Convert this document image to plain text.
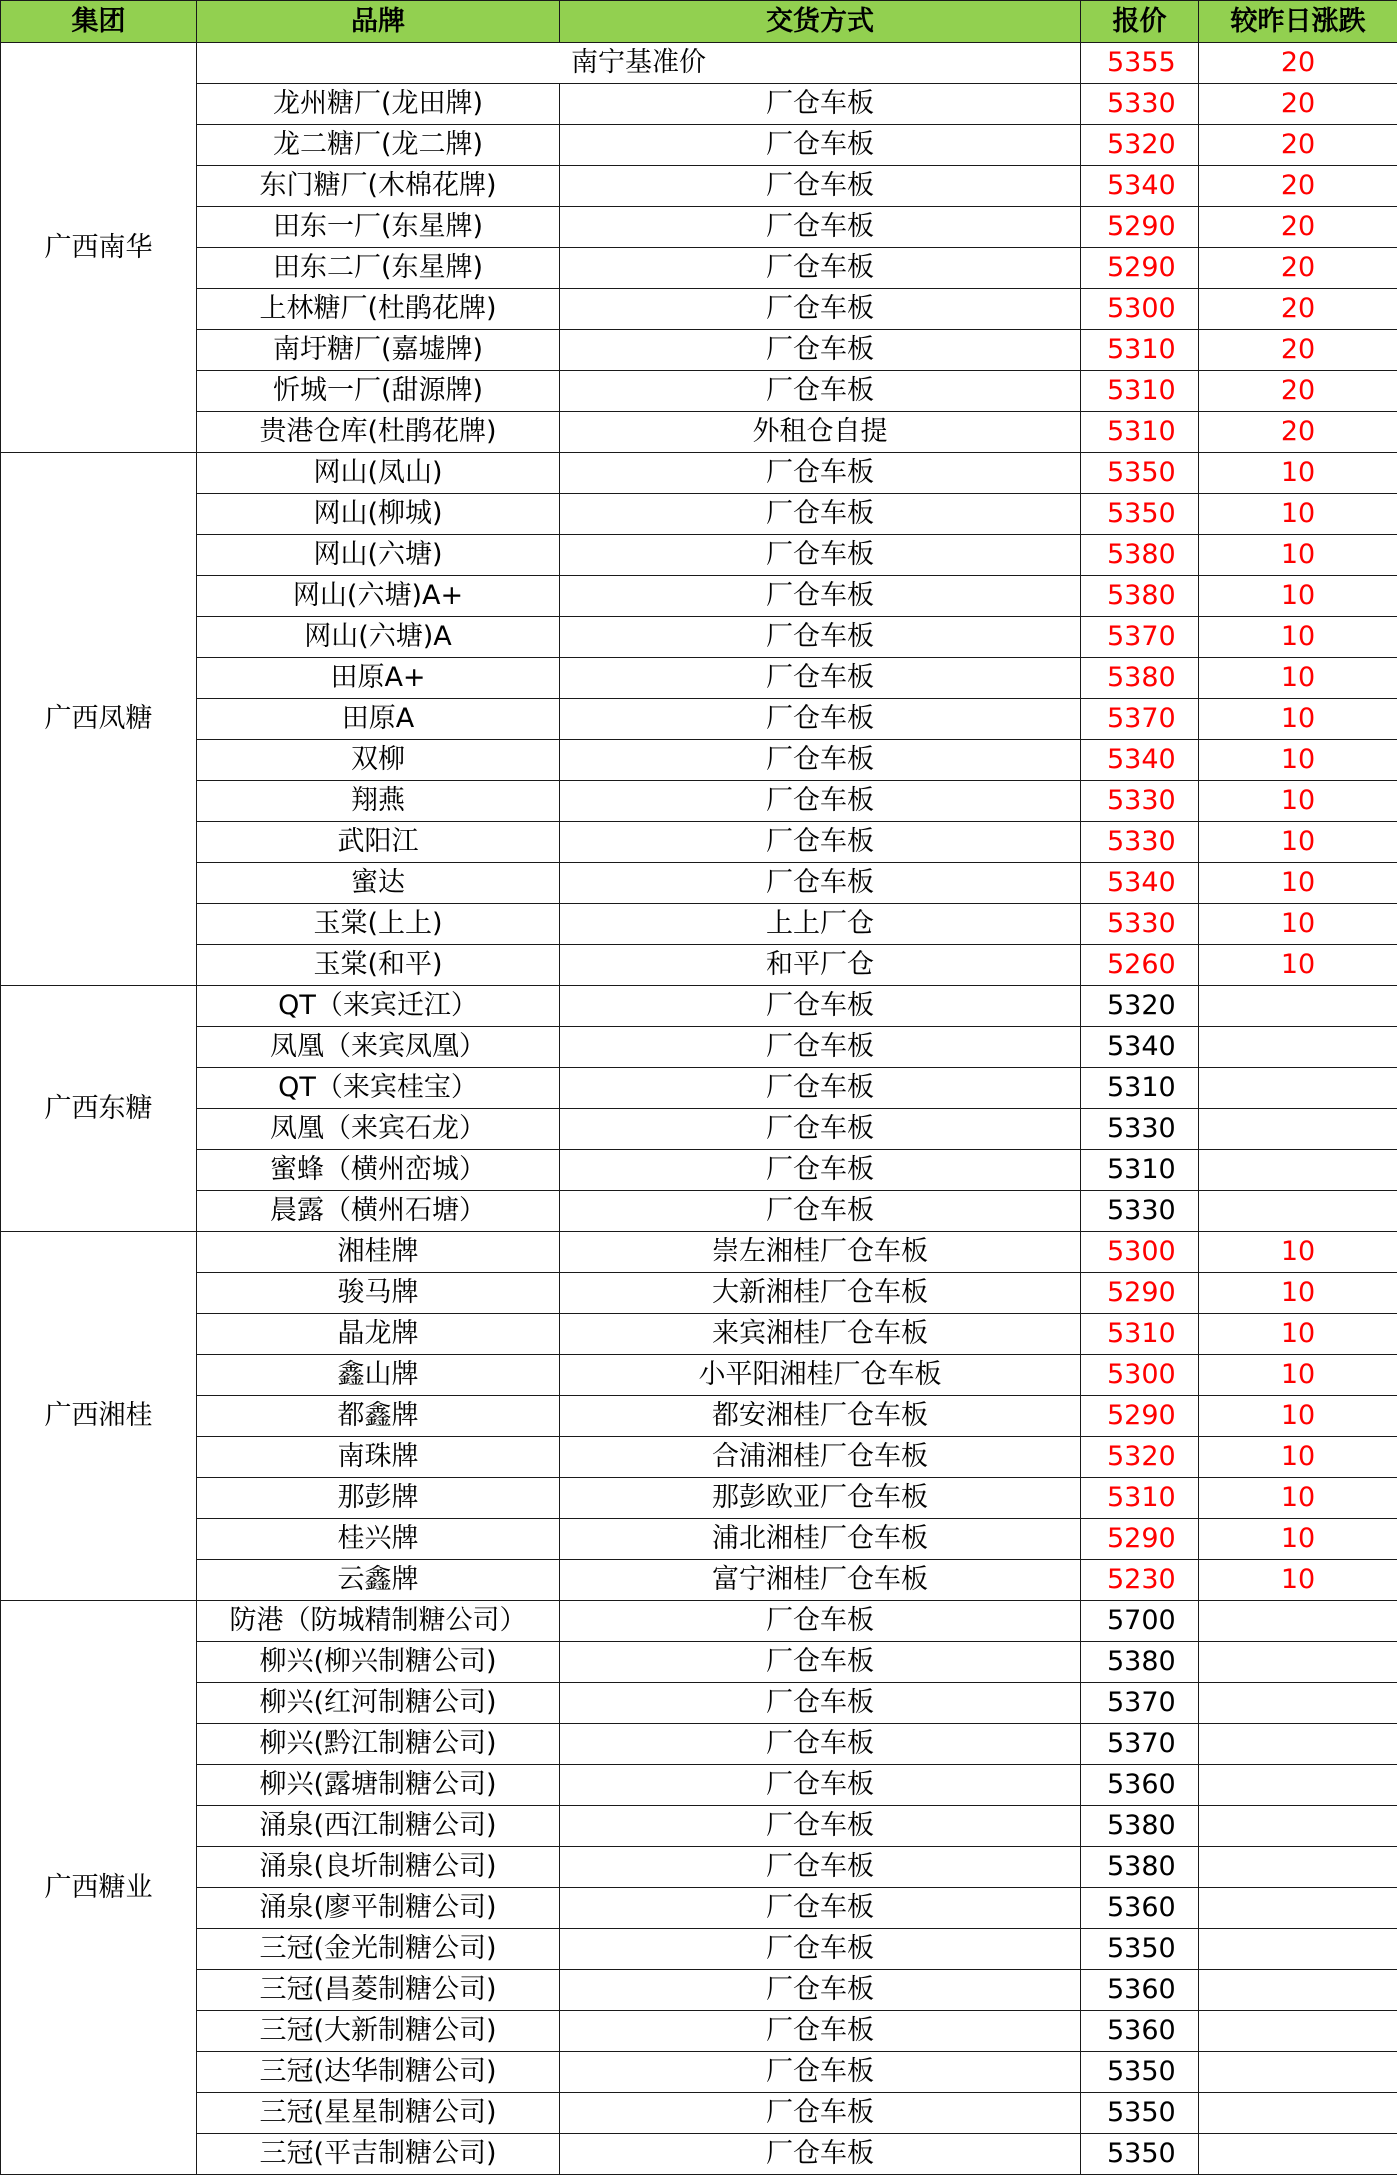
集团	品牌	交货方式	报价	较昨日涨跌
广西南华	南宁基准价		5355	20
	龙州糖厂(龙田牌)	厂仓车板	5330	20
	龙二糖厂(龙二牌)	厂仓车板	5320	20
	东门糖厂(木棉花牌)	厂仓车板	5340	20
	田东一厂(东星牌)	厂仓车板	5290	20
	田东二厂(东星牌)	厂仓车板	5290	20
	上林糖厂(杜鹃花牌)	厂仓车板	5300	20
	南圩糖厂(嘉墟牌)	厂仓车板	5310	20
	忻城一厂(甜源牌)	厂仓车板	5310	20
	贵港仓库(杜鹃花牌)	外租仓自提	5310	20
广西凤糖	网山(凤山)	厂仓车板	5350	10
	网山(柳城)	厂仓车板	5350	10
	网山(六塘)	厂仓车板	5380	10
	网山(六塘)A+	厂仓车板	5380	10
	网山(六塘)A	厂仓车板	5370	10
	田原A+	厂仓车板	5380	10
	田原A	厂仓车板	5370	10
	双柳	厂仓车板	5340	10
	翔燕	厂仓车板	5330	10
	武阳江	厂仓车板	5330	10
	蜜达	厂仓车板	5340	10
	玉棠(上上)	上上厂仓	5330	10
	玉棠(和平)	和平厂仓	5260	10
广西东糖	QT（来宾迁江）	厂仓车板	5320	
	凤凰（来宾凤凰）	厂仓车板	5340	
	QT（来宾桂宝）	厂仓车板	5310	
	凤凰（来宾石龙）	厂仓车板	5330	
	蜜蜂（横州峦城）	厂仓车板	5310	
	晨露（横州石塘）	厂仓车板	5330	
广西湘桂	湘桂牌	崇左湘桂厂仓车板	5300	10
	骏马牌	大新湘桂厂仓车板	5290	10
	晶龙牌	来宾湘桂厂仓车板	5310	10
	鑫山牌	小平阳湘桂厂仓车板	5300	10
	都鑫牌	都安湘桂厂仓车板	5290	10
	南珠牌	合浦湘桂厂仓车板	5320	10
	那彭牌	那彭欧亚厂仓车板	5310	10
	桂兴牌	浦北湘桂厂仓车板	5290	10
	云鑫牌	富宁湘桂厂仓车板	5230	10
广西糖业	防港（防城精制糖公司）	厂仓车板	5700	
	柳兴(柳兴制糖公司)	厂仓车板	5380	
	柳兴(红河制糖公司)	厂仓车板	5370	
	柳兴(黔江制糖公司)	厂仓车板	5370	
	柳兴(露塘制糖公司)	厂仓车板	5360	
	涌泉(西江制糖公司)	厂仓车板	5380	
	涌泉(良圻制糖公司)	厂仓车板	5380	
	涌泉(廖平制糖公司)	厂仓车板	5360	
	三冠(金光制糖公司)	厂仓车板	5350	
	三冠(昌菱制糖公司)	厂仓车板	5360	
	三冠(大新制糖公司)	厂仓车板	5360	
	三冠(达华制糖公司)	厂仓车板	5350	
	三冠(星星制糖公司)	厂仓车板	5350	
	三冠(平吉制糖公司)	厂仓车板	5350	
